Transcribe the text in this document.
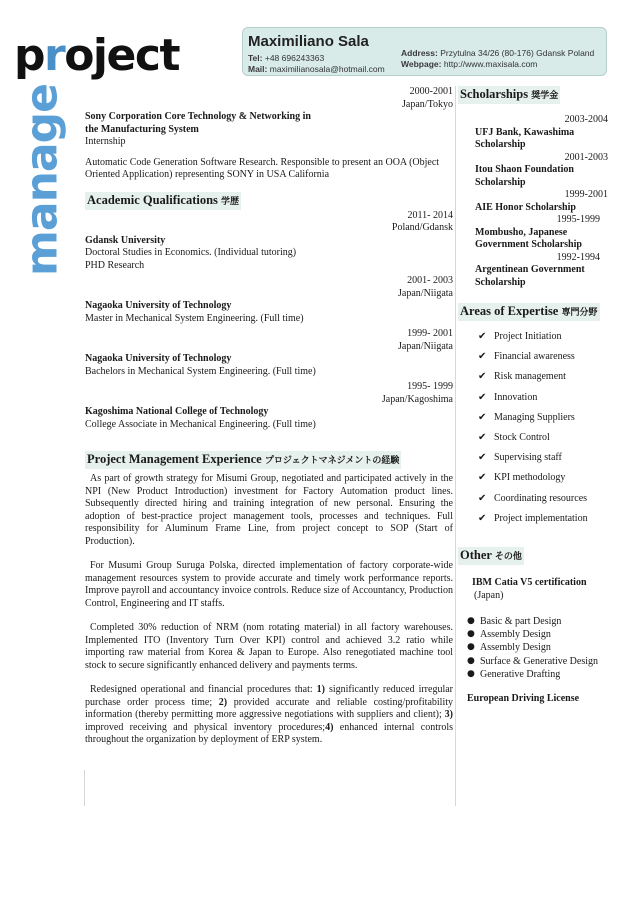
project
manage
Maximiliano Sala
Tel: +48 696243363
Mail: maximilianosala@hotmail.com
Address: Przytulna 34/26 (80-176) Gdansk Poland
Webpage: http://www.maxisala.com
2000-2001
Japan/Tokyo
Sony Corporation Core Technology & Networking in
the Manufacturing System
Internship
Automatic Code Generation Software Research. Responsible to present an OOA (Object Oriented Application) representing SONY in USA California
Academic Qualifications 学歴
2011- 2014
Poland/Gdansk
Gdansk University
Doctoral Studies in Economics. (Individual tutoring)
PHD Research
2001- 2003
Japan/Niigata
Nagaoka University of Technology
Master in Mechanical System Engineering. (Full time)
1999- 2001
Japan/Niigata
Nagaoka University of Technology
Bachelors in Mechanical System Engineering. (Full time)
1995- 1999
Japan/Kagoshima
Kagoshima National College of Technology
College Associate in Mechanical Engineering. (Full time)
Project Management Experience プロジェクトマネジメントの経験

As part of growth strategy for Misumi Group, negotiated and participated actively in the NPI (New Product Introduction) investment for Factory Automation product lines. Subsequently directed hiring and training integration of new personal. Ensuring the adoption of best-practice project management tools, processes and techniques. Full responsibility for Aluminum Frame Line, from project concept to SOP (Start of Production).

For Musumi Group Suruga Polska, directed implementation of factory corporate-wide management resources system to provide accurate and timely work performance reports. Improve payroll and accountancy invoice controls. Reduce size of Accountancy, Production Control, Engineering and IT staffs.

Completed 30% reduction of NRM (nom rotating material) in all factory warehouses. Implemented ITO (Inventory Turn Over KPI) control and achieved 3.2 ratio while importing raw material from Korea & Japan to Europe. Also renegotiated machine tool stock to secure significantly enhanced delivery and payments terms.

Redesigned operational and financial procedures that: 1) significantly reduced irregular purchase order process time; 2) provided accurate and reliable costing/profitability information (thereby permitting more aggressive negotiations with suppliers and client); 3) improved receiving and physical inventory procedures;4) enhanced internal controls throughout the organization by deployment of ERP system.

Scholarships 奨学金
2003-2004
UFJ Bank, Kawashima
Scholarship
2001-2003
Itou Shaon Foundation
Scholarship
1999-2001
AIE Honor Scholarship
1995-1999
Mombusho, Japanese
Government Scholarship
1992-1994
Argentinean Government
Scholarship
Areas of Expertise 専門分野
✔ Project Initiation
✔ Financial awareness
✔ Risk management
✔ Innovation
✔ Managing Suppliers
✔ Stock Control
✔ Supervising staff
✔ KPI methodology
✔ Coordinating resources
✔ Project implementation
Other その他
IBM Catia V5 certification
(Japan)
● Basic & part Design
● Assembly Design
● Assembly Design
● Surface & Generative Design
● Generative Drafting
European Driving License
